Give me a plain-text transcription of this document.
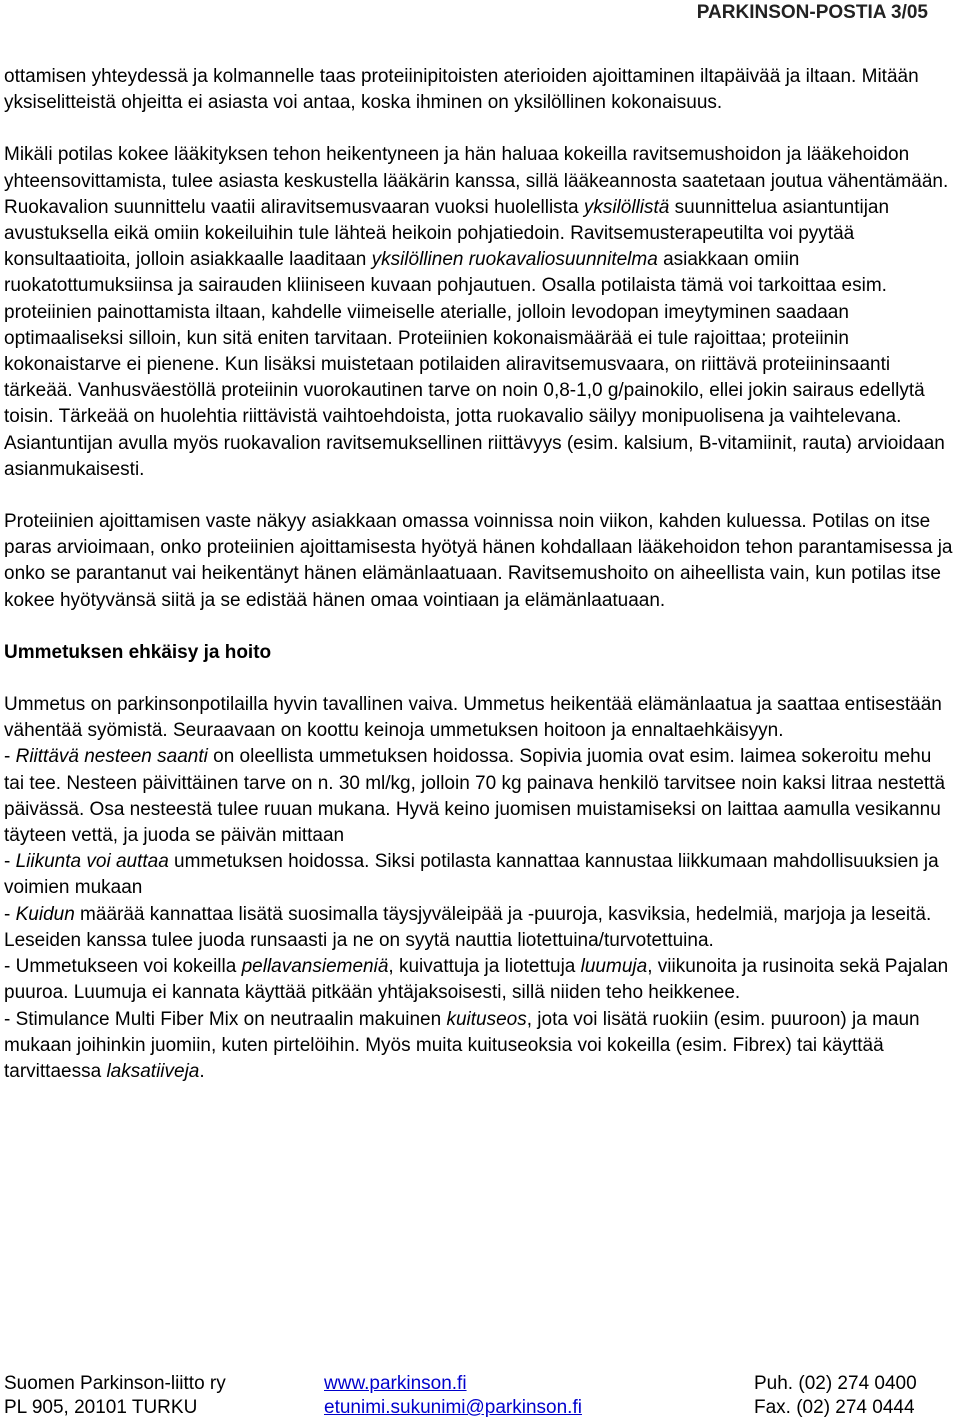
PARKINSON-POSTIA 3/05

ottamisen yhteydessä ja kolmannelle taas proteiinipitoisten aterioiden ajoittaminen iltapäivää ja iltaan. Mitään yksiselitteistä ohjeitta ei asiasta voi antaa, koska ihminen on yksilöllinen kokonaisuus.

Mikäli potilas kokee lääkityksen tehon heikentyneen ja hän haluaa kokeilla ravitsemushoidon ja lääkehoidon yhteensovittamista, tulee asiasta keskustella lääkärin kanssa, sillä lääkeannosta saatetaan joutua vähentämään. Ruokavalion suunnittelu vaatii aliravitsemusvaaran vuoksi huolellista yksilöllistä suunnittelua asiantuntijan avustuksella eikä omiin kokeiluihin tule lähteä heikoin pohjatiedoin. Ravitsemusterapeutilta voi pyytää konsultaatioita, jolloin asiakkaalle laaditaan yksilöllinen ruokavaliosuunnitelma asiakkaan omiin ruokatottumuksiinsa ja sairauden kliiniseen kuvaan pohjautuen. Osalla potilaista tämä voi tarkoittaa esim. proteiinien painottamista iltaan, kahdelle viimeiselle aterialle, jolloin levodopan imeytyminen saadaan optimaaliseksi silloin, kun sitä eniten tarvitaan. Proteiinien kokonaismäärää ei tule rajoittaa; proteiinin kokonaistarve ei pienene. Kun lisäksi muistetaan potilaiden aliravitsemusvaara, on riittävä proteiininsaanti tärkeää. Vanhusväestöllä proteiinin vuorokautinen tarve on noin 0,8‑1,0 g/painokilo, ellei jokin sairaus edellytä toisin. Tärkeää on huolehtia riittävistä vaihtoehdoista, jotta ruokavalio säilyy monipuolisena ja vaihtelevana. Asiantuntijan avulla myös ruokavalion ravitsemuksellinen riittävyys (esim. kalsium, B-vitamiinit, rauta) arvioidaan asianmukaisesti.

Proteiinien ajoittamisen vaste näkyy asiakkaan omassa voinnissa noin viikon, kahden kuluessa. Potilas on itse paras arvioimaan, onko proteiinien ajoittamisesta hyötyä hänen kohdallaan lääkehoidon tehon parantamisessa ja onko se parantanut vai heikentänyt hänen elämänlaatuaan. Ravitsemushoito on aiheellista vain, kun potilas itse kokee hyötyvänsä siitä ja se edistää hänen omaa vointiaan ja elämänlaatuaan.

Ummetuksen ehkäisy ja hoito

Ummetus on parkinsonpotilailla hyvin tavallinen vaiva. Ummetus heikentää elämänlaatua ja saattaa entisestään vähentää syömistä. Seuraavaan on koottu keinoja ummetuksen hoitoon ja ennaltaehkäisyyn.

- Riittävä nesteen saanti on oleellista ummetuksen hoidossa. Sopivia juomia ovat esim. laimea sokeroitu mehu tai tee. Nesteen päivittäinen tarve on n. 30 ml/kg, jolloin 70 kg painava henkilö tarvitsee noin kaksi litraa nestettä päivässä. Osa nesteestä tulee ruuan mukana. Hyvä keino juomisen muistamiseksi on laittaa aamulla vesikannu täyteen vettä, ja juoda se päivän mittaan

- Liikunta voi auttaa ummetuksen hoidossa. Siksi potilasta kannattaa kannustaa liikkumaan mahdollisuuksien ja voimien mukaan

- Kuidun määrää kannattaa lisätä suosimalla täysjyväleipää ja -puuroja, kasviksia, hedelmiä, marjoja ja leseitä. Leseiden kanssa tulee juoda runsaasti ja ne on syytä nauttia liotettuina/turvotettuina.

- Ummetukseen voi kokeilla pellavansiemeniä, kuivattuja ja liotettuja luumuja, viikunoita ja rusinoita sekä Pajalan puuroa. Luumuja ei kannata käyttää pitkään yhtäjaksoisesti, sillä niiden teho heikkenee.

- Stimulance Multi Fiber Mix on neutraalin makuinen kuituseos, jota voi lisätä ruokiin (esim. puuroon) ja maun mukaan joihinkin juomiin, kuten pirtelöihin. Myös muita kuituseoksia voi kokeilla (esim. Fibrex) tai käyttää tarvittaessa laksatiiveja.

Suomen Parkinson-liitto ry	www.parkinson.fi	Puh. (02) 274 0400
PL 905, 20101 TURKU	etunimi.sukunimi@parkinson.fi	Fax. (02) 274 0444
